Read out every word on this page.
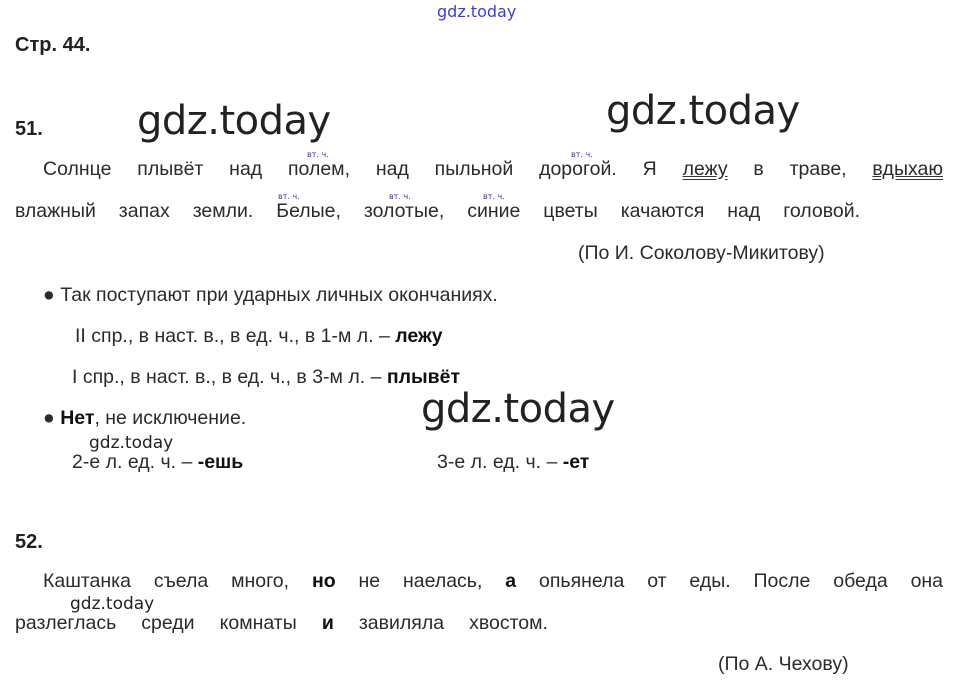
gdz.today
gdz.today	gdz.today
gdz.today
gdz.today
gdz.today
Стр. 44.
51.
вт. ч.	вт. ч.
вт. ч.	вт. ч.	вт. ч.
Солнце плывёт над полем, над пыльной дорогой. Я лежу в траве, вдыхаю
влажный запах земли. Белые, золотые, синие цветы качаются над головой.
(По И. Соколову-Микитову)
● Так поступают при ударных личных окончаниях.
II спр., в наст. в., в ед. ч., в 1-м л. – лежу
I спр., в наст. в., в ед. ч., в 3-м л. – плывёт
● Нет, не исключение.
2-е л. ед. ч. – -ешь	3-е л. ед. ч. – -ет
52.
Каштанка съела много, но не наелась, а опьянела от еды. После обеда она
разлеглась среди комнаты и завиляла хвостом.
(По А. Чехову)
